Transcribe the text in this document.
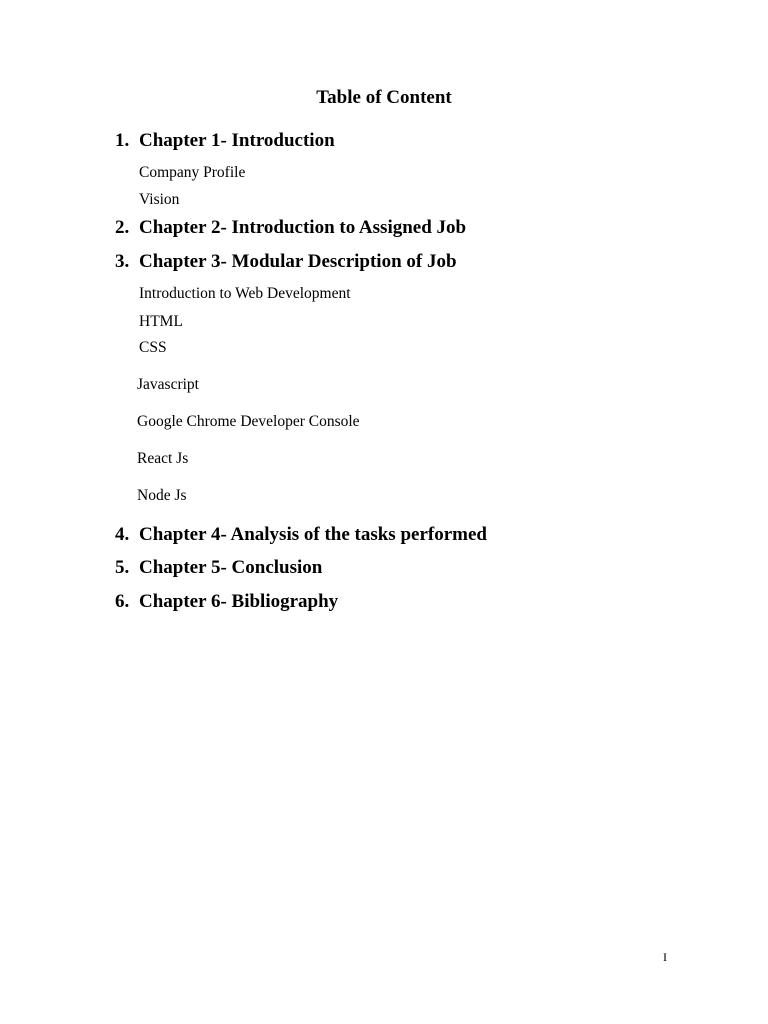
Table of Content
1. Chapter 1- Introduction
Company Profile
Vision
2. Chapter 2- Introduction to Assigned Job
3. Chapter 3- Modular Description of Job
Introduction to Web Development
HTML
CSS
Javascript
Google Chrome Developer Console
React Js
Node Js
4. Chapter 4- Analysis of the tasks performed
5. Chapter 5- Conclusion
6. Chapter 6- Bibliography
I
